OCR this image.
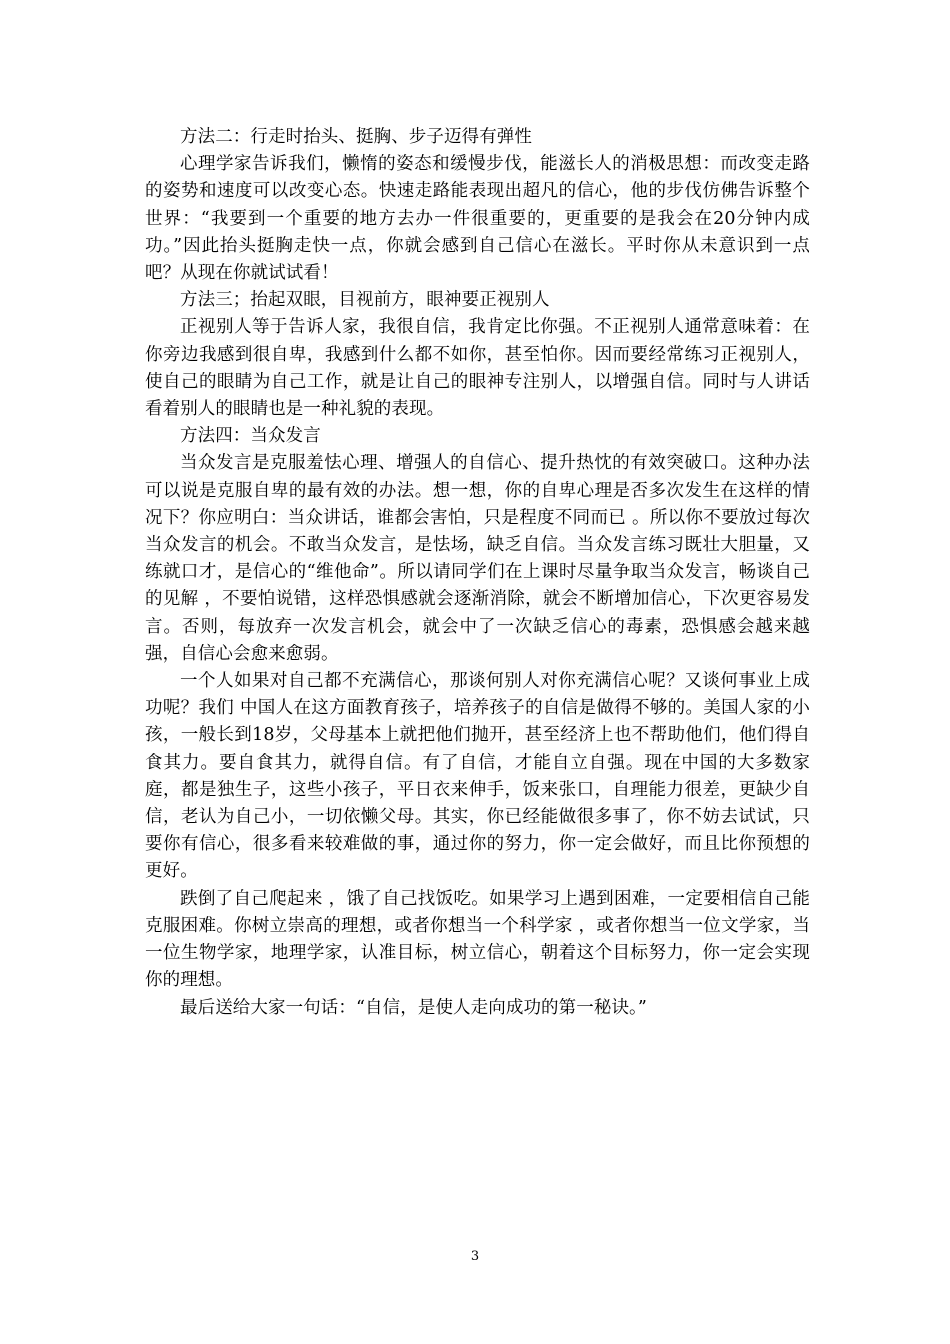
方法二：行走时抬头、挺胸、步子迈得有弹性

心理学家告诉我们，懒惰的姿态和缓慢步伐，能滋长人的消极思想：而改变走路的姿势和速度可以改变心态。快速走路能表现出超凡的信心，他的步伐仿佛告诉整个世界：“我要到一个重要的地方去办一件很重要的，更重要的是我会在20分钟内成功。”因此抬头挺胸走快一点，你就会感到自己信心在滋长。平时你从未意识到一点吧？从现在你就试试看！

方法三；抬起双眼，目视前方，眼神要正视别人

正视别人等于告诉人家，我很自信，我肯定比你强。不正视别人通常意味着：在你旁边我感到很自卑，我感到什么都不如你，甚至怕你。因而要经常练习正视别人，使自己的眼睛为自己工作，就是让自己的眼神专注别人，以增强自信。同时与人讲话看着别人的眼睛也是一种礼貌的表现。

方法四：当众发言

当众发言是克服羞怯心理、增强人的自信心、提升热忱的有效突破口。这种办法可以说是克服自卑的最有效的办法。想一想，你的自卑心理是否多次发生在这样的情况下？你应明白：当众讲话，谁都会害怕，只是程度不同而已 。所以你不要放过每次当众发言的机会。不敢当众发言，是怯场，缺乏自信。当众发言练习既壮大胆量，又练就口才，是信心的“维他命”。所以请同学们在上课时尽量争取当众发言，畅谈自己的见解 ，不要怕说错，这样恐惧感就会逐渐消除，就会不断增加信心，下次更容易发言。否则，每放弃一次发言机会，就会中了一次缺乏信心的毒素，恐惧感会越来越强，自信心会愈来愈弱。

一个人如果对自己都不充满信心，那谈何别人对你充满信心呢？又谈何事业上成功呢？我们 中国人在这方面教育孩子，培养孩子的自信是做得不够的。美国人家的小孩，一般长到18岁，父母基本上就把他们抛开，甚至经济上也不帮助他们，他们得自食其力。要自食其力，就得自信。有了自信，才能自立自强。现在中国的大多数家庭，都是独生子，这些小孩子，平日衣来伸手，饭来张口，自理能力很差，更缺少自信，老认为自己小，一切依懒父母。其实，你已经能做很多事了，你不妨去试试，只要你有信心，很多看来较难做的事，通过你的努力，你一定会做好，而且比你预想的更好。

跌倒了自己爬起来 ，饿了自己找饭吃。如果学习上遇到困难，一定要相信自己能克服困难。你树立崇高的理想，或者你想当一个科学家 ，或者你想当一位文学家，当一位生物学家，地理学家，认准目标，树立信心，朝着这个目标努力，你一定会实现你的理想。

最后送给大家一句话：“自信，是使人走向成功的第一秘诀。”

3
